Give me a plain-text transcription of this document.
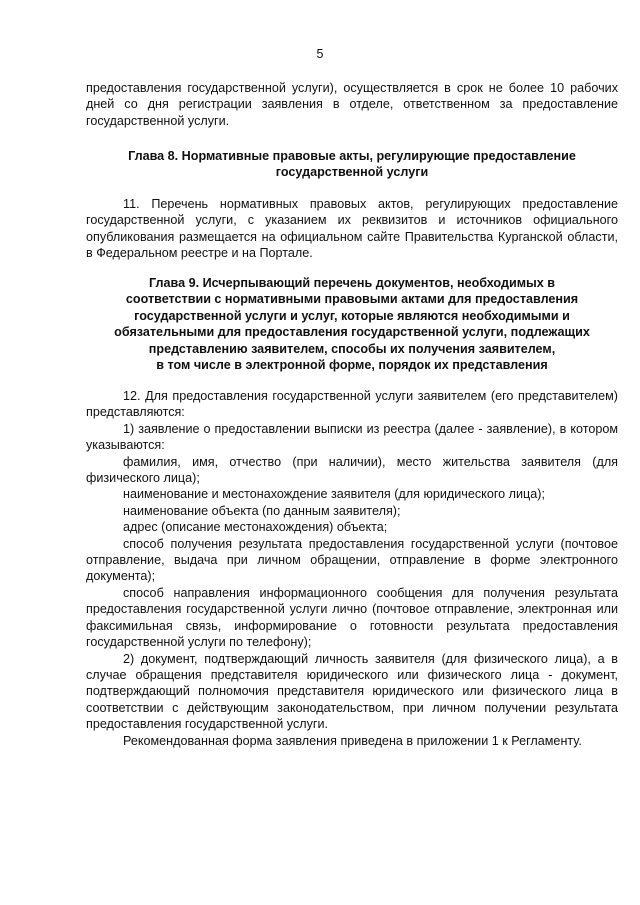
5

предоставления государственной услуги), осуществляется в срок не более 10 рабочих дней со дня регистрации заявления в отделе, ответственном за предоставление государственной услуги.

Глава 8. Нормативные правовые акты, регулирующие предоставление
государственной услуги

11. Перечень нормативных правовых актов, регулирующих предоставление государственной услуги, с указанием их реквизитов и источников официального опубликования размещается на официальном сайте Правительства Курганской области, в Федеральном реестре и на Портале.

Глава 9. Исчерпывающий перечень документов, необходимых в
соответствии с нормативными правовыми актами для предоставления
государственной услуги и услуг, которые являются необходимыми и
обязательными для предоставления государственной услуги, подлежащих
представлению заявителем, способы их получения заявителем,
в том числе в электронной форме, порядок их представления

12. Для предоставления государственной услуги заявителем (его представителем) представляются:

1) заявление о предоставлении выписки из реестра (далее - заявление), в котором указываются:

фамилия, имя, отчество (при наличии), место жительства заявителя (для физического лица);

наименование и местонахождение заявителя (для юридического лица);

наименование объекта (по данным заявителя);

адрес (описание местонахождения) объекта;

способ получения результата предоставления государственной услуги (почтовое отправление, выдача при личном обращении, отправление в форме электронного документа);

способ направления информационного сообщения для получения результата предоставления государственной услуги лично (почтовое отправление, электронная или факсимильная связь, информирование о готовности результата предоставления государственной услуги по телефону);

2) документ, подтверждающий личность заявителя (для физического лица), а в случае обращения представителя юридического или физического лица - документ, подтверждающий полномочия представителя юридического или физического лица в соответствии с действующим законодательством, при личном получении результата предоставления государственной услуги.

Рекомендованная форма заявления приведена в приложении 1 к Регламенту.
